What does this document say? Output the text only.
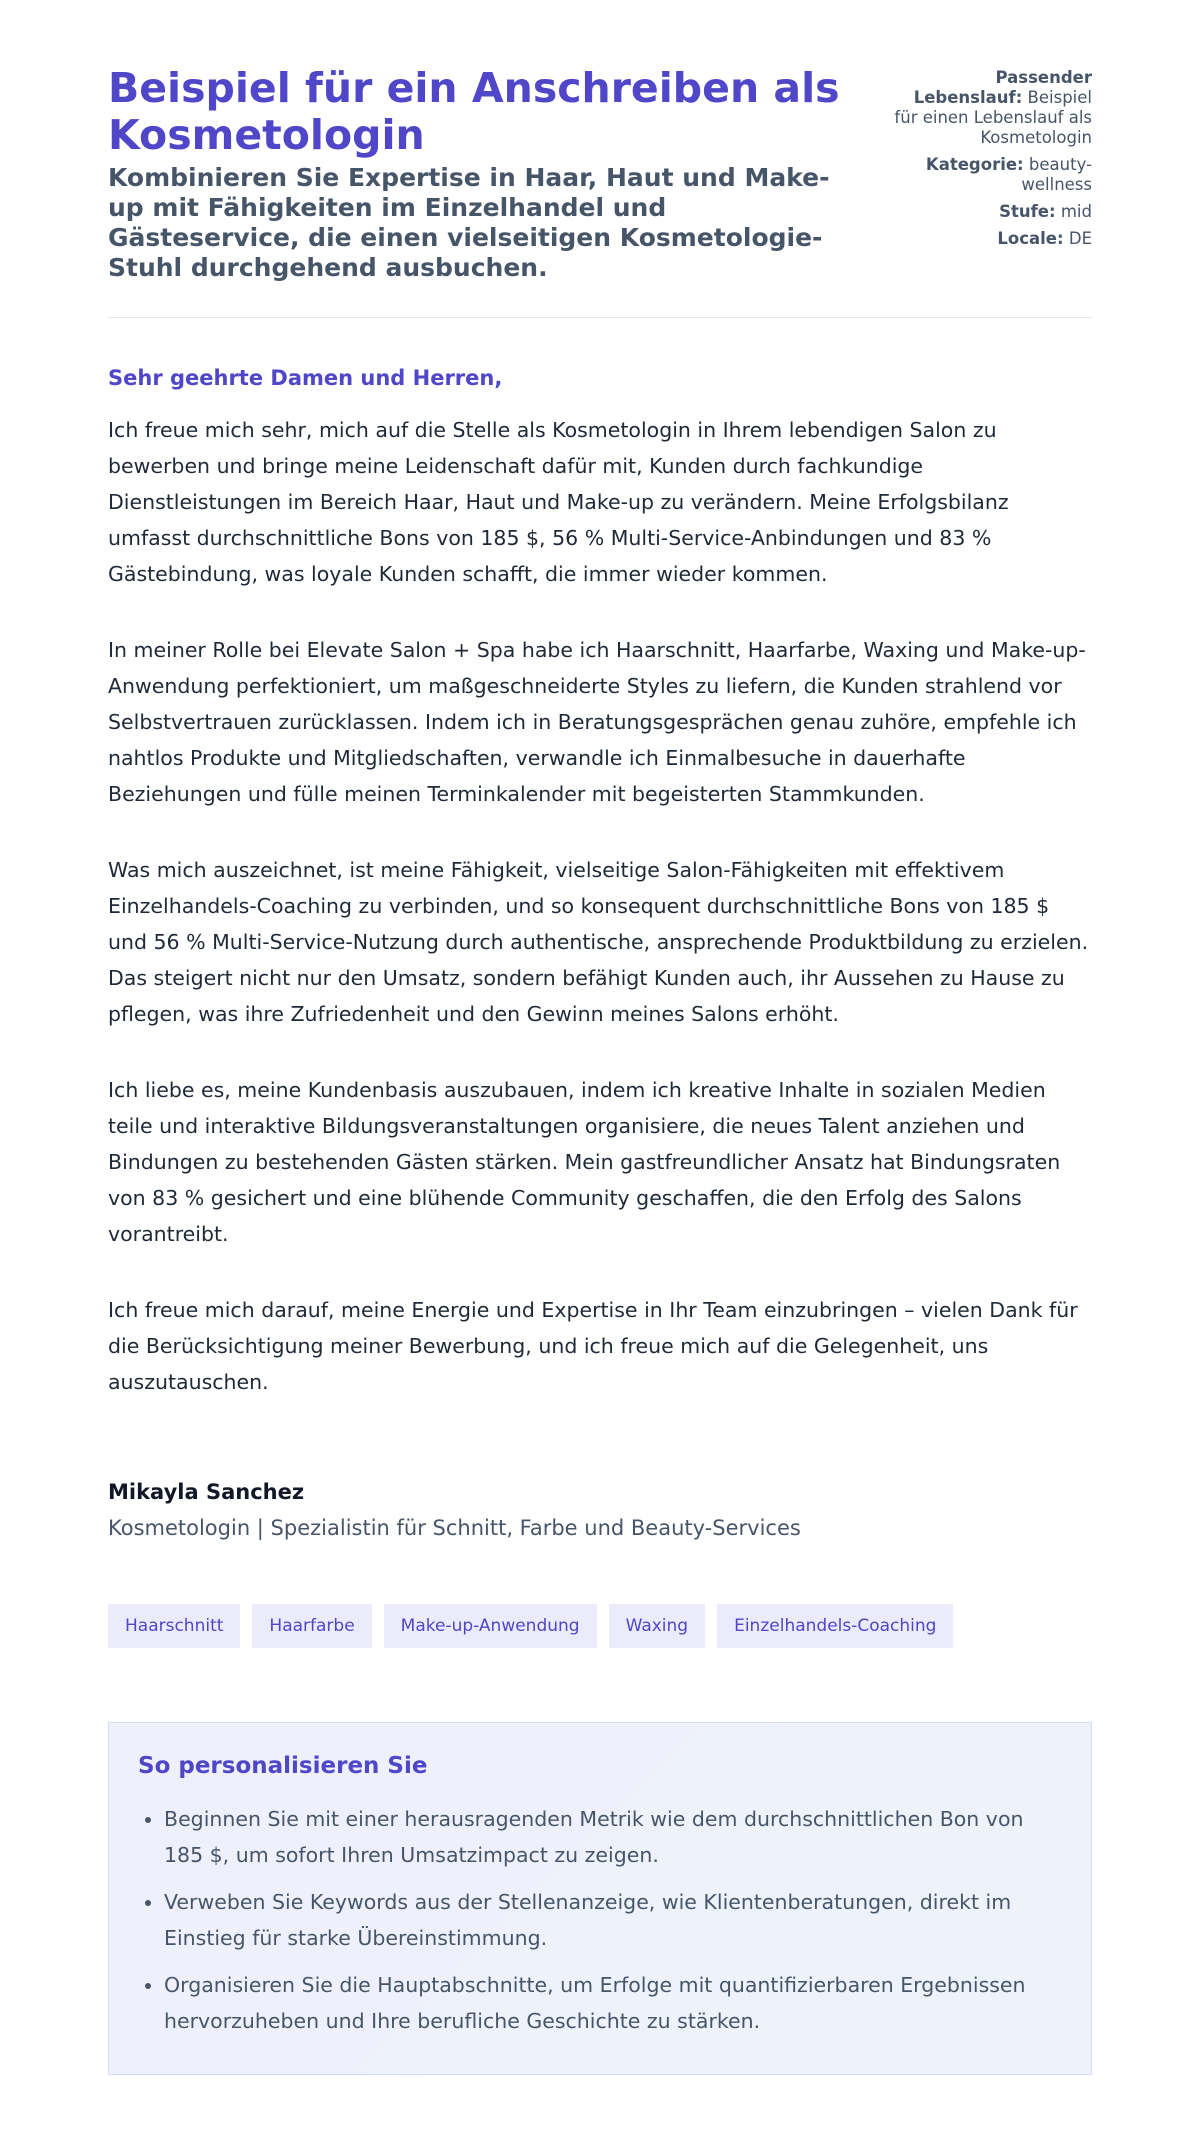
Beispiel für ein Anschreiben als Kosmetologin
Kombinieren Sie Expertise in Haar, Haut und Make-up mit Fähigkeiten im Einzelhandel und Gästeservice, die einen vielseitigen Kosmetologie-Stuhl durchgehend ausbuchen.
Passender Lebenslauf: Beispiel für einen Lebenslauf als Kosmetologin
Kategorie: beauty-wellness
Stufe: mid
Locale: DE

Sehr geehrte Damen und Herren,

Ich freue mich sehr, mich auf die Stelle als Kosmetologin in Ihrem lebendigen Salon zu bewerben und bringe meine Leidenschaft dafür mit, Kunden durch fachkundige Dienstleistungen im Bereich Haar, Haut und Make-up zu verändern. Meine Erfolgsbilanz umfasst durchschnittliche Bons von 185 $, 56 % Multi-Service-Anbindungen und 83 % Gästebindung, was loyale Kunden schafft, die immer wieder kommen.

In meiner Rolle bei Elevate Salon + Spa habe ich Haarschnitt, Haarfarbe, Waxing und Make-up-Anwendung perfektioniert, um maßgeschneiderte Styles zu liefern, die Kunden strahlend vor Selbstvertrauen zurücklassen. Indem ich in Beratungsgesprächen genau zuhöre, empfehle ich nahtlos Produkte und Mitgliedschaften, verwandle ich Einmalbesuche in dauerhafte Beziehungen und fülle meinen Terminkalender mit begeisterten Stammkunden.

Was mich auszeichnet, ist meine Fähigkeit, vielseitige Salon-Fähigkeiten mit effektivem Einzelhandels-Coaching zu verbinden, und so konsequent durchschnittliche Bons von 185 $ und 56 % Multi-Service-Nutzung durch authentische, ansprechende Produktbildung zu erzielen. Das steigert nicht nur den Umsatz, sondern befähigt Kunden auch, ihr Aussehen zu Hause zu pflegen, was ihre Zufriedenheit und den Gewinn meines Salons erhöht.

Ich liebe es, meine Kundenbasis auszubauen, indem ich kreative Inhalte in sozialen Medien teile und interaktive Bildungsveranstaltungen organisiere, die neues Talent anziehen und Bindungen zu bestehenden Gästen stärken. Mein gastfreundlicher Ansatz hat Bindungsraten von 83 % gesichert und eine blühende Community geschaffen, die den Erfolg des Salons vorantreibt.

Ich freue mich darauf, meine Energie und Expertise in Ihr Team einzubringen – vielen Dank für die Berücksichtigung meiner Bewerbung, und ich freue mich auf die Gelegenheit, uns auszutauschen.

Mikayla Sanchez

Kosmetologin | Spezialistin für Schnitt, Farbe und Beauty-Services

Haarschnitt	Haarfarbe	Make-up-Anwendung	Waxing	Einzelhandels-Coaching
So personalisieren Sie
• Beginnen Sie mit einer herausragenden Metrik wie dem durchschnittlichen Bon von 185 $, um sofort Ihren Umsatzimpact zu zeigen.
• Verweben Sie Keywords aus der Stellenanzeige, wie Klientenberatungen, direkt im Einstieg für starke Übereinstimmung.
• Organisieren Sie die Hauptabschnitte, um Erfolge mit quantifizierbaren Ergebnissen hervorzuheben und Ihre berufliche Geschichte zu stärken.
